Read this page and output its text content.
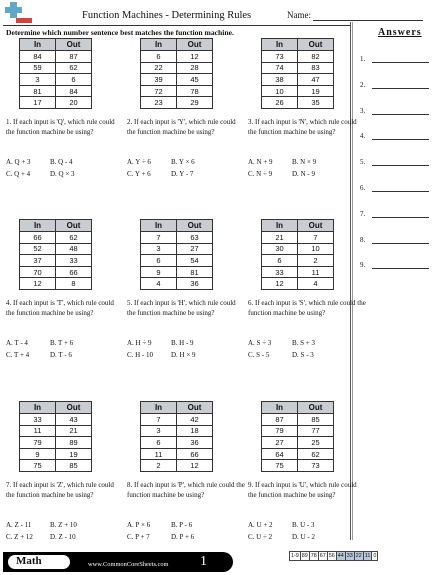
Function Machines - Determining Rules	Name:
Determine which number sentence best matches the function machine.	Answers
1.
2.
3.
4.
5.
6.
7.
8.
9.
In	Out
84	87
59	62
3	6
81	84
17	20
1. If each input is 'Q', which rule could the function machine be using?
A. Q + 3	B. Q - 4
C. Q + 4	D. Q × 3
In	Out
6	12
22	28
39	45
72	78
23	29
2. If each input is 'Y', which rule could the function machine be using?
A. Y ÷ 6	B. Y × 6
C. Y + 6	D. Y - 7
In	Out
73	82
74	83
38	47
10	19
26	35
3. If each input is 'N', which rule could the function machine be using?
A. N + 9	B. N × 9
C. N ÷ 9	D. N - 9
In	Out
66	62
52	48
37	33
70	66
12	8
4. If each input is 'T', which rule could the function machine be using?
A. T - 4	B. T + 6
C. T + 4	D. T - 6
In	Out
7	63
3	27
6	54
9	81
4	36
5. If each input is 'H', which rule could the function machine be using?
A. H ÷ 9	B. H - 9
C. H - 10	D. H × 9
In	Out
21	7
30	10
6	2
33	11
12	4
6. If each input is 'S', which rule could the function machine be using?
A. S ÷ 3	B. S + 3
C. S - 5	D. S - 3
In	Out
33	43
11	21
79	89
9	19
75	85
7. If each input is 'Z', which rule could the function machine be using?
A. Z - 11	B. Z + 10
C. Z + 12 D. Z - 10
In	Out
7	42
3	18
6	36
11	66
2	12
8. If each input is 'P', which rule could the function machine be using?
A. P × 6	B. P - 6
C. P + 7	D. P + 6
In	Out
87	85
79	77
27	25
64	62
75	73
9. If each input is 'U', which rule could the function machine be using?
A. U + 2	B. U - 3
C. U ÷ 2	D. U - 2
Math	www.CommonCoreSheets.com 1	1-9	89	78	67	56	44	33	22	11	0
